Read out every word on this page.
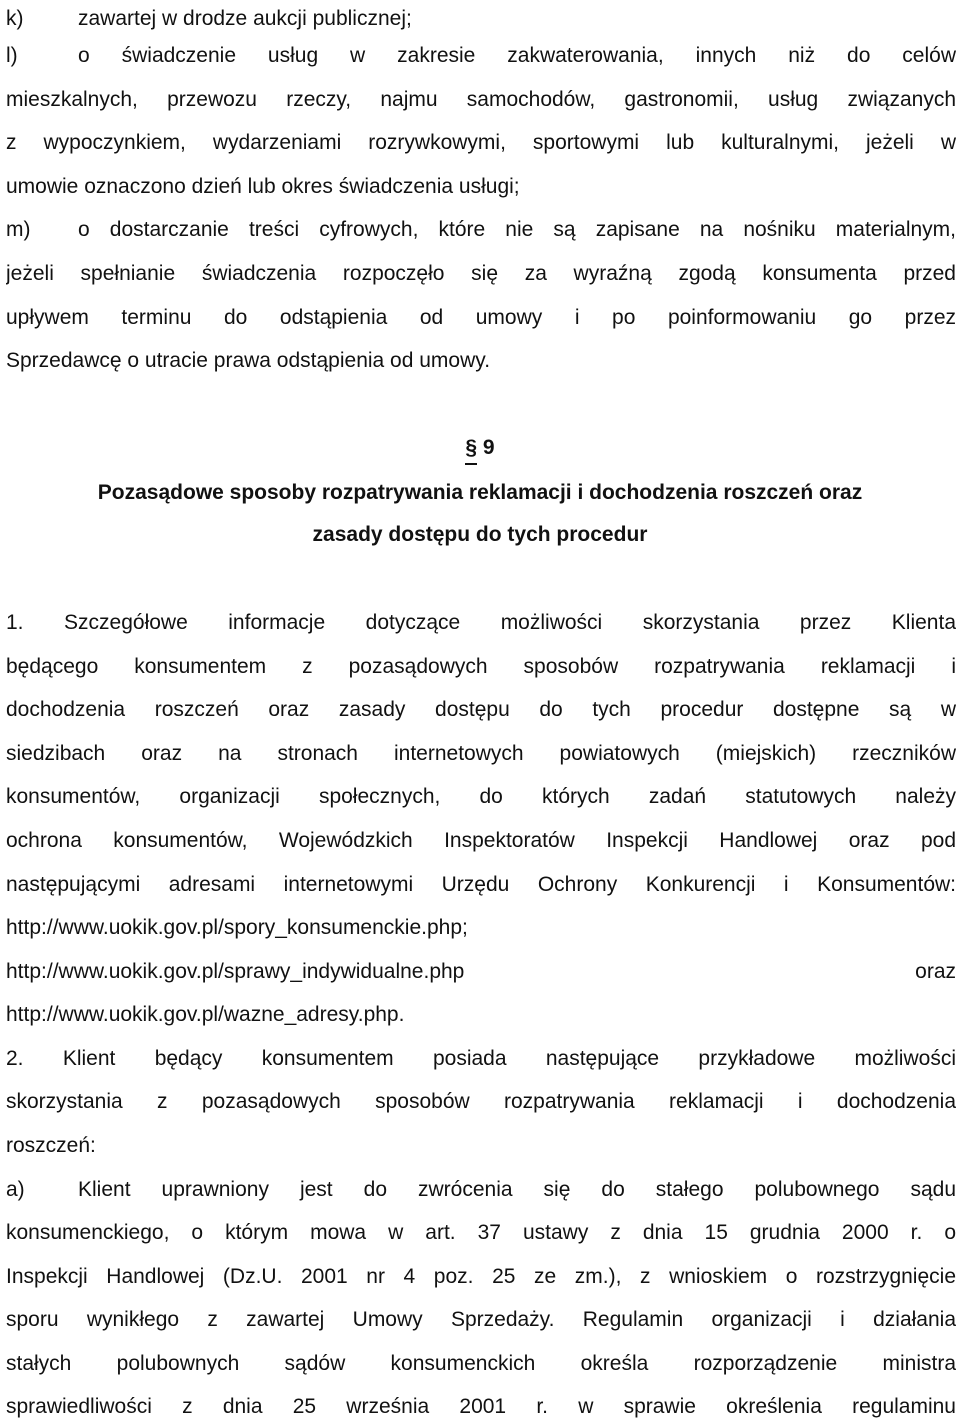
k)	zawartej w drodze aukcji publicznej;
l)	o świadczenie usług w zakresie zakwaterowania, innych niż do celów
mieszkalnych, przewozu rzeczy, najmu samochodów, gastronomii, usług związanych
z wypoczynkiem, wydarzeniami rozrywkowymi, sportowymi lub kulturalnymi, jeżeli w
umowie oznaczono dzień lub okres świadczenia usługi;
m) o dostarczanie treści cyfrowych, które nie są zapisane na nośniku materialnym,
jeżeli spełnianie świadczenia rozpoczęło się za wyraźną zgodą konsumenta przed
upływem terminu do odstąpienia od umowy i po poinformowaniu go przez
Sprzedawcę o utracie prawa odstąpienia od umowy.
§ 9
Pozasądowe sposoby rozpatrywania reklamacji i dochodzenia roszczeń oraz
zasady dostępu do tych procedur
1. Szczegółowe informacje dotyczące możliwości skorzystania przez Klienta
będącego konsumentem z pozasądowych sposobów rozpatrywania reklamacji i
dochodzenia roszczeń oraz zasady dostępu do tych procedur dostępne są w
siedzibach oraz na stronach internetowych powiatowych (miejskich) rzeczników
konsumentów, organizacji społecznych, do których zadań statutowych należy
ochrona konsumentów, Wojewódzkich Inspektoratów Inspekcji Handlowej oraz pod
następującymi adresami internetowymi Urzędu Ochrony Konkurencji i Konsumentów:
http://www.uokik.gov.pl/spory_konsumenckie.php;
http://www.uokik.gov.pl/sprawy_indywidualne.php	oraz
http://www.uokik.gov.pl/wazne_adresy.php.
2. Klient będący konsumentem posiada następujące przykładowe możliwości
skorzystania z pozasądowych sposobów rozpatrywania reklamacji i dochodzenia
roszczeń:
a)	Klient uprawniony jest do zwrócenia się do stałego polubownego sądu
konsumenckiego, o którym mowa w art. 37 ustawy z dnia 15 grudnia 2000 r. o
Inspekcji Handlowej (Dz.U. 2001 nr 4 poz. 25 ze zm.), z wnioskiem o rozstrzygnięcie
sporu wynikłego z zawartej Umowy Sprzedaży. Regulamin organizacji i działania
stałych polubownych sądów konsumenckich określa rozporządzenie ministra
sprawiedliwości z dnia 25 września 2001 r. w sprawie określenia regulaminu
